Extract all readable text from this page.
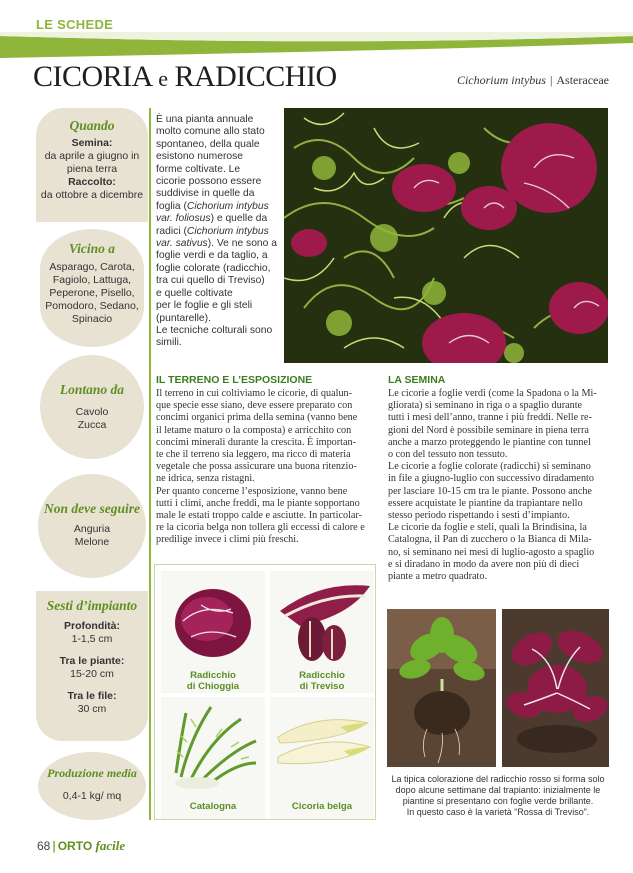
LE SCHEDE
CICORIA e RADICCHIO	Cichorium intybus | Asteraceae
Quando
Semina:
da aprile a giugno in
piena terra
Raccolto:
da ottobre a dicembre
Vicino a
Asparago, Carota,
Fagiolo, Lattuga,
Peperone, Pisello,
Pomodoro, Sedano,
Spinacio
Lontano da
Cavolo
Zucca
Non deve seguire
Anguria
Melone
Sesti d’impianto
Profondità:
1-1,5 cm
Tra le piante:
15-20 cm
Tra le file:
30 cm
Produzione media
0,4-1 kg/ mq
È una pianta annuale
molto comune allo stato
spontaneo, della quale
esistono numerose
forme coltivate. Le
cicorie possono essere
suddivise in quelle da
foglia (Cichorium intybus
var. foliosus) e quelle da
radici (Cichorium intybus
var. sativus). Ve ne sono a
foglie verdi e da taglio, a
foglie colorate (radicchio,
tra cui quello di Treviso)
e quelle coltivate
per le foglie e gli steli
(puntarelle).
Le tecniche colturali sono
simili.
IL TERRENO E L’ESPOSIZIONE

Il terreno in cui coltiviamo le cicorie, di qualun-

que specie esse siano, deve essere preparato con

concimi organici prima della semina (vanno bene

il letame maturo o la composta) e arricchito con

concimi minerali durante la crescita. È importan-

te che il terreno sia leggero, ma ricco di materia

vegetale che possa assicurare una buona ritenzio-

ne idrica, senza ristagni.

Per quanto concerne l’esposizione, vanno bene

tutti i climi, anche freddi, ma le piante sopportano

male le estati troppo calde e asciutte. In particolar-

re la cicoria belga non tollera gli eccessi di calore e

predilige invece i climi più freschi.

LA SEMINA

Le cicorie a foglie verdi (come la Spadona o la Mi-

gliorata) si seminano in riga o a spaglio durante

tutti i mesi dell’anno, tranne i più freddi. Nelle re-

gioni del Nord è possibile seminare in piena terra

anche a marzo proteggendo le piantine con tunnel

o con del tessuto non tessuto.

Le cicorie a foglie colorate (radicchi) si seminano

in file a giugno-luglio con successivo diradamento

per lasciare 10-15 cm tra le piante. Possono anche

essere acquistate le piantine da trapiantare nello

stesso periodo rispettando i sesti d’impianto.

Le cicorie da foglie e steli, quali la Brindisina, la

Catalogna, il Pan di zucchero o la Bianca di Mila-

no, si seminano nei mesi di luglio-agosto a spaglio

e si diradano in modo da avere non più di dieci

piante a metro quadrato.

Radicchio
di Chioggia
Radicchio
di Treviso
Catalogna	Cicoria belga
La tipica colorazione del radicchio rosso si forma solo
dopo alcune settimane dal trapianto: inizialmente le
piantine si presentano con foglie verde brillante.
In questo caso è la varietà “Rossa di Treviso”.
68 | ORTO facile
